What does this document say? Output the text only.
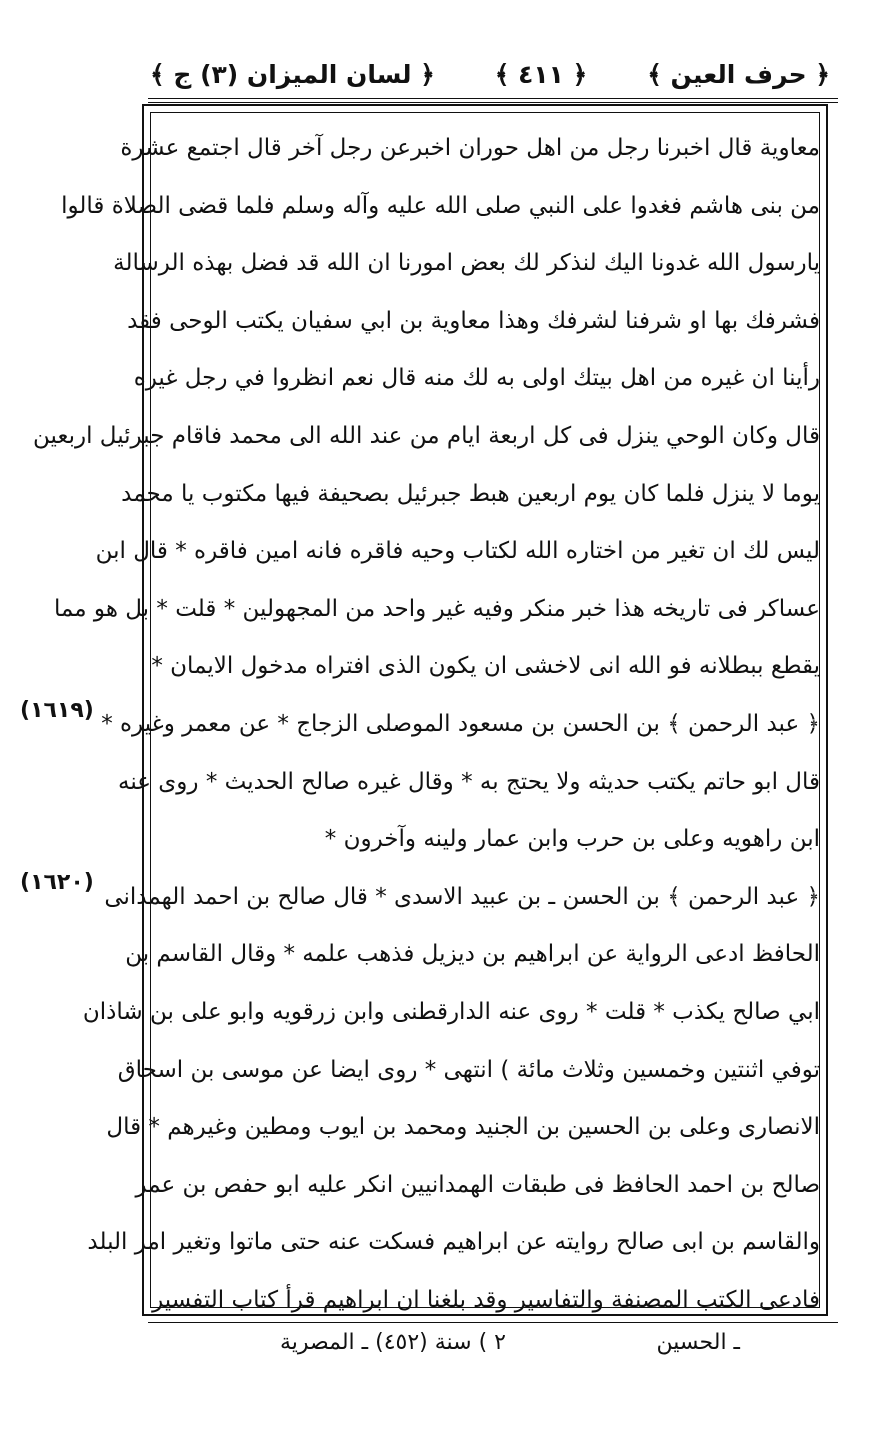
﴿ حرف العين ﴾
﴿ ٤١١ ﴾
﴿ لسان الميزان (٣) ج ﴾
معاوية قال اخبرنا رجل من اهل حوران اخبرعن رجل آخر قال اجتمع عشرة
من بنى هاشم فغدوا على النبي صلى الله عليه وآله وسلم فلما قضى الصلاة قالوا
يارسول الله غدونا اليك لنذكر لك بعض امورنا ان الله قد فضل بهذه الرسالة
فشرفك بها او شرفنا لشرفك وهذا معاوية بن ابي سفيان يكتب الوحى فقد
رأينا ان غيره من اهل بيتك اولى به لك منه قال نعم انظروا في رجل غيره
قال وكان الوحي ينزل فى كل اربعة ايام من عند الله الى محمد فاقام جبرئيل اربعين
يوما لا ينزل فلما كان يوم اربعين هبط جبرئيل بصحيفة فيها مكتوب يا محمد
ليس لك ان تغير من اختاره الله لكتاب وحيه فاقره فانه امين فاقره * قال ابن
عساكر فى تاريخه هذا خبر منكر وفيه غير واحد من المجهولين * قلت * بل هو مما
يقطع ببطلانه فو الله انى لاخشى ان يكون الذى افتراه مدخول الايمان *
﴿ عبد الرحمن ﴾ بن الحسن بن مسعود الموصلى الزجاج * عن معمر وغيره *
قال ابو حاتم يكتب حديثه ولا يحتج به * وقال غيره صالح الحديث * روى عنه
ابن راهويه وعلى بن حرب وابن عمار ولينه وآخرون *
﴿ عبد الرحمن ﴾ بن الحسن ـ بن عبيد الاسدى * قال صالح بن احمد الهمدانى
الحافظ ادعى الرواية عن ابراهيم بن ديزيل فذهب علمه * وقال القاسم بن
ابي صالح يكذب * قلت * روى عنه الدارقطنى وابن زرقويه وابو على بن شاذان
توفي اثنتين وخمسين وثلاث مائة ) انتهى * روى ايضا عن موسى بن اسحاق
الانصارى وعلى بن الحسين بن الجنيد ومحمد بن ايوب ومطين وغيرهم * قال
صالح بن احمد الحافظ فى طبقات الهمدانيين انكر عليه ابو حفص بن عمر
والقاسم بن ابى صالح روايته عن ابراهيم فسكت عنه حتى ماتوا وتغير امر البلد
فادعى الكتب المصنفة والتفاسير وقد بلغنا ان ابراهيم قرأ كتاب التفسير
(١٦١٩)
(١٦٢٠)
ـ الحسين
٢ ) سنة (٤٥٢) ـ المصرية
